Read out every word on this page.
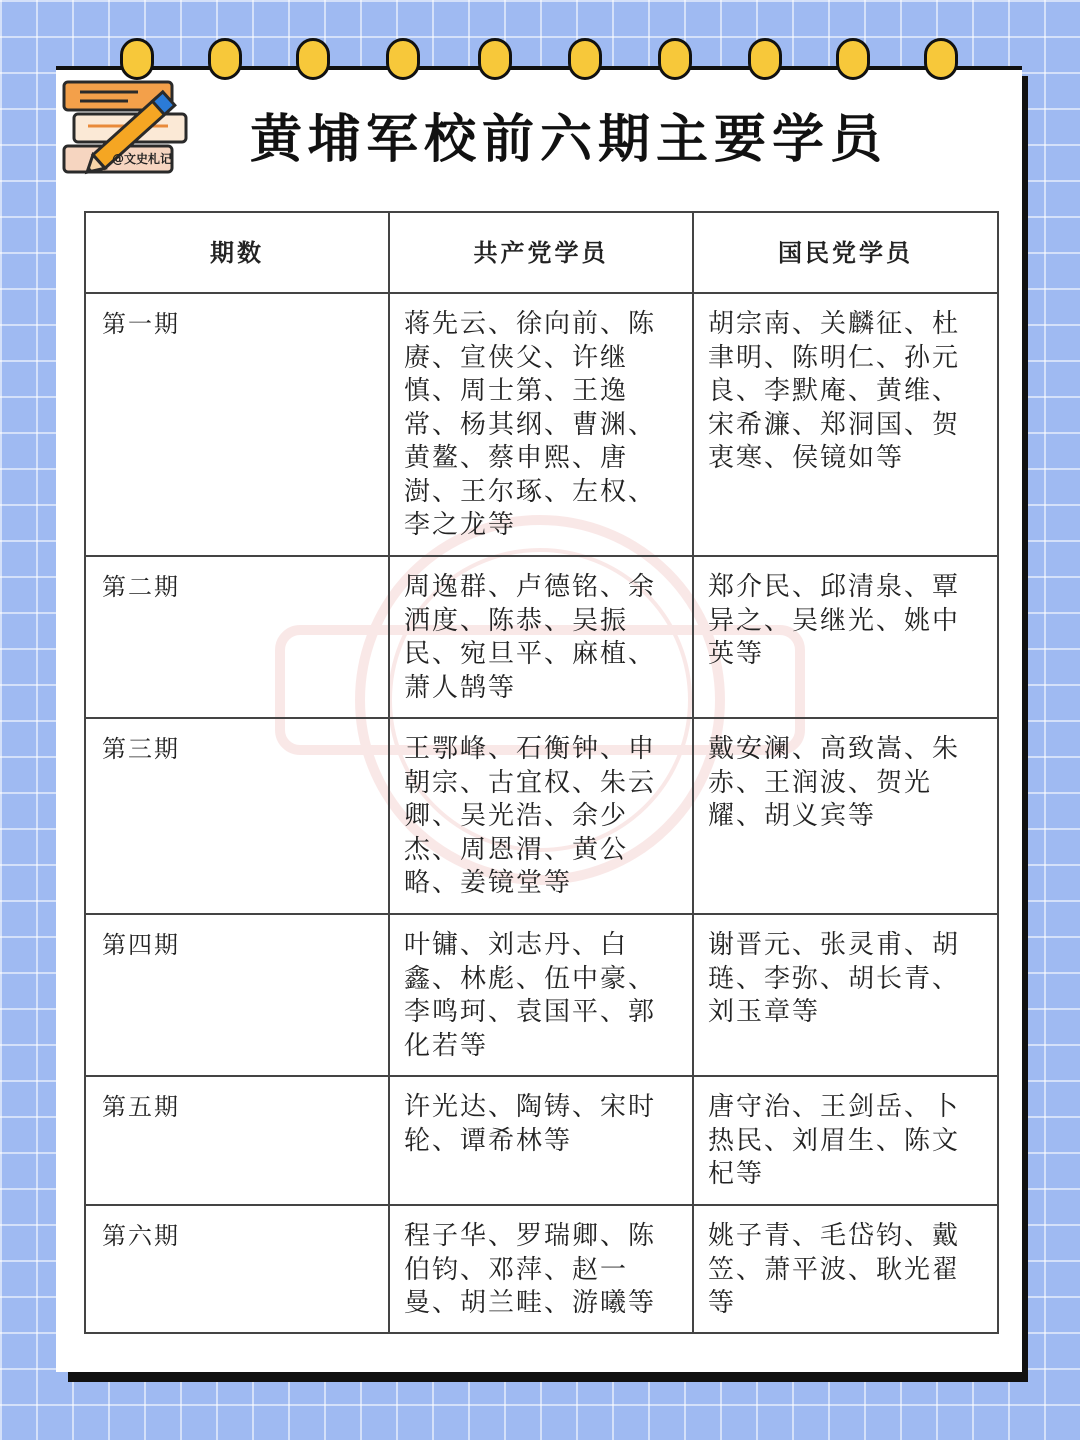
@文史札记 黄埔军校前六期主要学员
期数	共产党学员	国民党学员
第一期	蒋先云、徐向前、陈赓、宣侠父、许继慎、周士第、王逸常、杨其纲、曹渊、黄鳌、蔡申熙、唐澍、王尔琢、左权、李之龙等	胡宗南、关麟征、杜聿明、陈明仁、孙元良、李默庵、黄维、宋希濂、郑洞国、贺衷寒、侯镜如等
第二期	周逸群、卢德铭、余洒度、陈恭、吴振民、宛旦平、麻植、萧人鹄等	郑介民、邱清泉、覃异之、吴继光、姚中英等
第三期	王鄂峰、石衡钟、申朝宗、古宜权、朱云卿、吴光浩、余少杰、周恩渭、黄公略、姜镜堂等	戴安澜、高致嵩、朱赤、王润波、贺光耀、胡义宾等
第四期	叶镛、刘志丹、白鑫、林彪、伍中豪、李鸣珂、袁国平、郭化若等	谢晋元、张灵甫、胡琏、李弥、胡长青、刘玉章等
第五期	许光达、陶铸、宋时轮、谭希林等	唐守治、王剑岳、卜热民、刘眉生、陈文杞等
第六期	程子华、罗瑞卿、陈伯钧、邓萍、赵一曼、胡兰畦、游曦等	姚子青、毛岱钧、戴笠、萧平波、耿光翟等
